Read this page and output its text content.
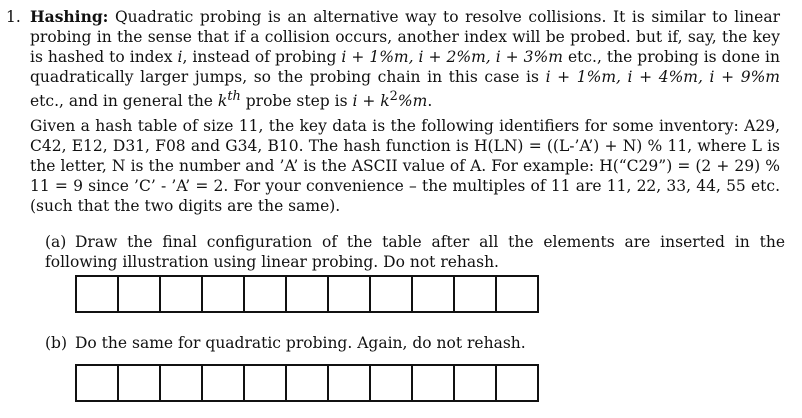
1. Hashing: Quadratic probing is an alternative way to resolve collisions. It is similar to linear probing in the sense that if a collision occurs, another index will be probed. but if, say, the key is hashed to index i, instead of probing i + 1%m, i + 2%m, i + 3%m etc., the probing is done in quadratically larger jumps, so the probing chain in this case is i + 1%m, i + 4%m, i + 9%m etc., and in general the $k^{th}$ probe step is $i + k^2\%m$.
Given a hash table of size 11, the key data is the following identifiers for some inventory: A29, C42, E12, D31, F08 and G34, B10. The hash function is H(LN) = ((L-’A’) + N) % 11, where L is the letter, N is the number and ’A’ is the ASCII value of A. For example: H(“C29”) = (2 + 29) % 11 = 9 since ’C’ - ’A’ = 2. For your convenience – the multiples of 11 are 11, 22, 33, 44, 55 etc. (such that the two digits are the same).
(a) Draw the final configuration of the table after all the elements are inserted in the following illustration using linear probing. Do not rehash.
(b) Do the same for quadratic probing. Again, do not rehash.
